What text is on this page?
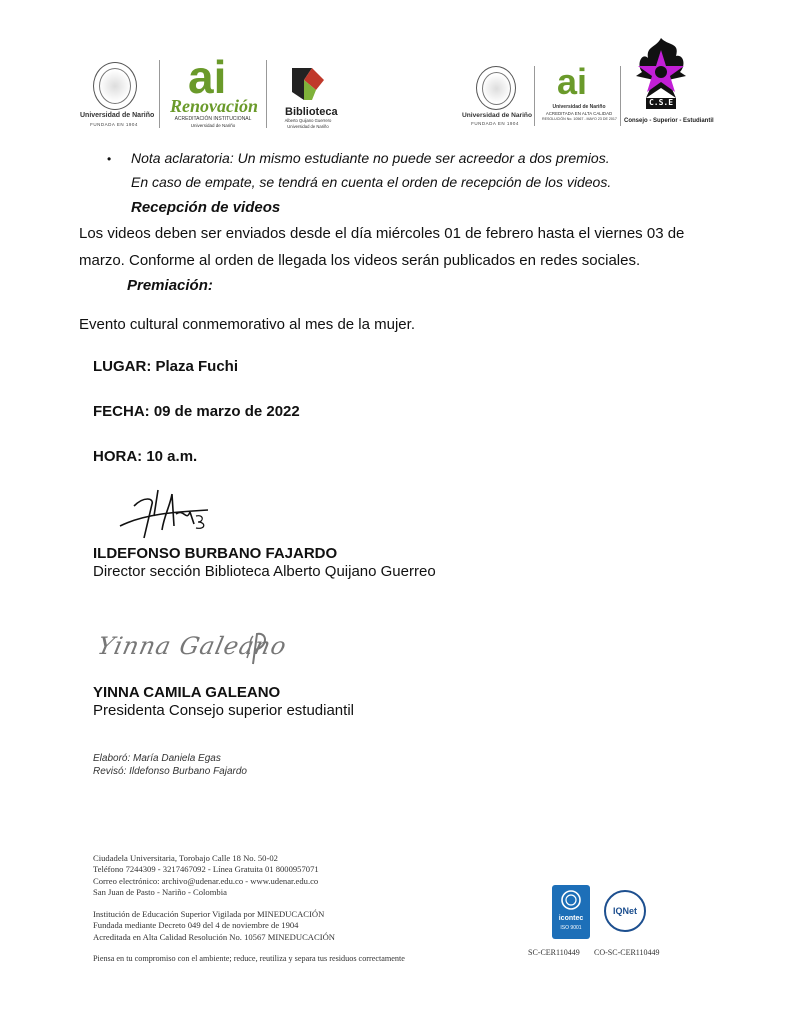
Universidad de Nariño
FUNDADA EN 1904
ai
Renovación
ACREDITACIÓN INSTITUCIONAL
Universidad de Nariño
Biblioteca
Alberto Quijano Guerrero
Universidad de Nariño
Universidad de Nariño
FUNDADA EN 1904
ai
Universidad de Nariño
ACREDITADA EN ALTA CALIDAD
RESOLUCIÓN No. 10567 - MAYO 23 DE 2017
C.S.E
Consejo - Superior - Estudiantil
• Nota aclaratoria: Un mismo estudiante no puede ser acreedor a dos premios.
En caso de empate, se tendrá en cuenta el orden de recepción de los videos.
Recepción de videos
Los videos deben ser enviados desde el día miércoles 01 de febrero hasta el viernes 03 de
marzo. Conforme al orden de llegada los videos serán publicados en redes sociales.
Premiación:
Evento cultural conmemorativo al mes de la mujer.
LUGAR: Plaza Fuchi
FECHA: 09 de marzo de 2022
HORA: 10 a.m.
ILDEFONSO BURBANO FAJARDO
Director sección Biblioteca Alberto Quijano Guerreo
Yinna Galeano
YINNA CAMILA GALEANO
Presidenta Consejo superior estudiantil
Elaboró: María Daniela Egas
Revisó: Ildefonso Burbano Fajardo
Ciudadela Universitaria, Torobajo Calle 18 No. 50-02
Teléfono 7244309 - 3217467092 - Línea Gratuita 01 8000957071
Correo electrónico: archivo@udenar.edu.co - www.udenar.edu.co
San Juan de Pasto - Nariño - Colombia
Institución de Educación Superior Vigilada por MINEDUCACIÓN
Fundada mediante Decreto 049 del 4 de noviembre de 1904
Acreditada en Alta Calidad Resolución No. 10567 MINEDUCACIÓN
Piensa en tu compromiso con el ambiente; reduce, reutiliza y separa tus residuos correctamente
icontec
ISO 9001
IQNet
SC-CER110449 CO-SC-CER110449
